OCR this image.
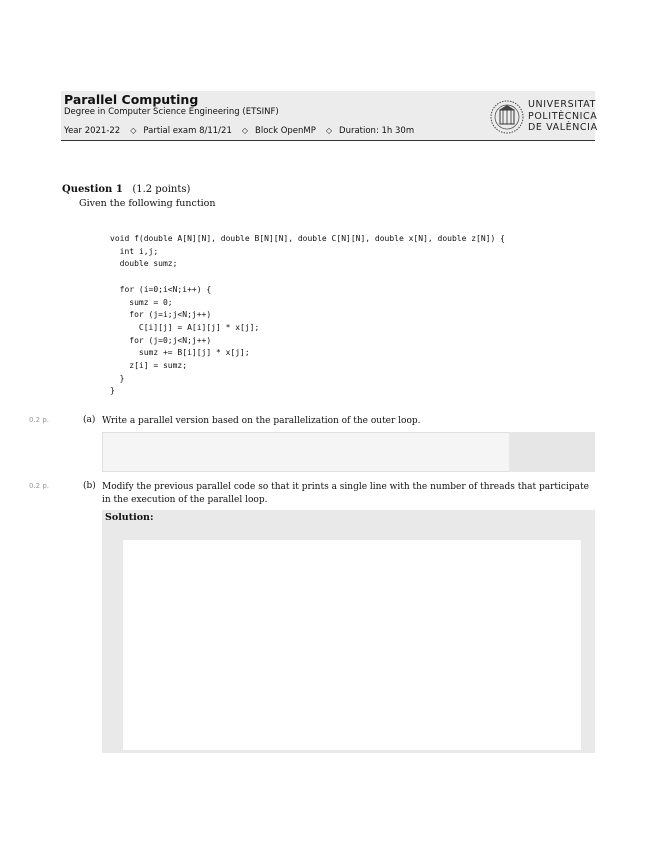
Parallel Computing
Degree in Computer Science Engineering (ETSINF)
Year 2021-22 ◇ Partial exam 8/11/21 ◇ Block OpenMP ◇ Duration: 1h 30m
UNIVERSITAT
POLITÈCNICA
DE VALÈNCIA
Question 1 (1.2 points)
Given the following function
void f(double A[N][N], double B[N][N], double C[N][N], double x[N], double z[N]) {
int i,j;
double sumz;

for (i=0;i<N;i++) {
sumz = 0;
for (j=i;j<N;j++)
C[i][j] = A[i][j] * x[j];
for (j=0;j<N;j++)
sumz += B[i][j] * x[j];
z[i] = sumz;
}
}
0.2 p.	(a) Write a parallel version based on the parallelization of the outer loop.
0.2 p.	(b) Modify the previous parallel code so that it prints a single line with the number of threads that participate in the execution of the parallel loop.
Solution:
